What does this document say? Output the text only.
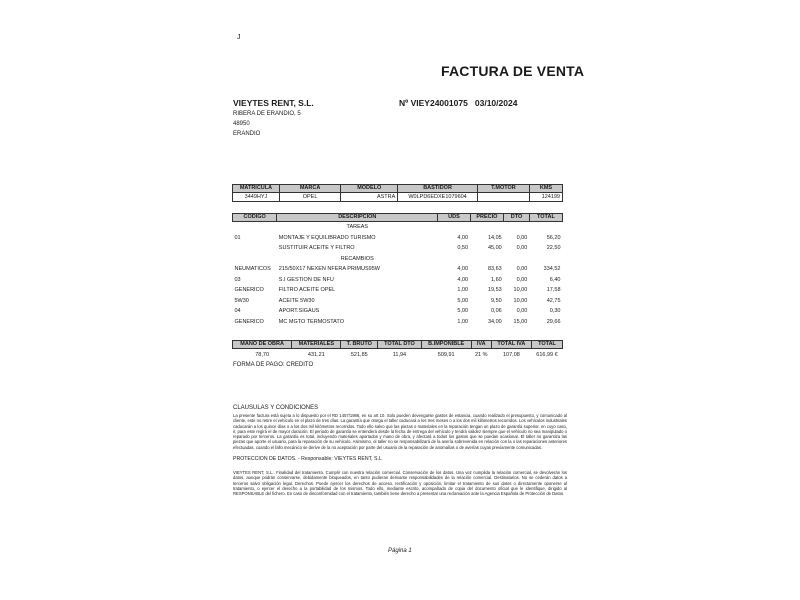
J
FACTURA DE VENTA
VIEYTES RENT, S.L.
RIBERA DE ERANDIO, 5
48950
ERANDIO
Nº VIEY24001075 03/10/2024
MATRICULA	MARCA	MODELO	BASTIDOR	T.MOTOR	KMS
3449HYJ	OPEL	ASTRA	W0LPD6EDXE1079604		124199
CODIGO	DESCRIPCION	UDS	PRECIO	DTO	TOTAL
	TAREAS				
01	MONTAJE Y EQUILIBRADO TURISMO	4,00	14,05	0,00	56,20
	SUSTITUIR ACEITE Y FILTRO	0,50	45,00	0,00	22,50
	RECAMBIOS				
NEUMATICOS	215/50X17 NEXEN NFERA PRIMUS95W	4,00	83,63	0,00	334,52
03	S.I GESTION DE NFU	4,00	1,60	0,00	6,40
GENERICO	FILTRO ACEITE OPEL	1,00	19,53	10,00	17,58
5W30	ACEITE 5W30	5,00	9,50	10,00	42,75
04	APORT.SIGAUS	5,00	0,06	0,00	0,30
GENERICO	MC MGTO TERMOSTATO	1,00	34,00	15,00	29,66
MANO DE OBRA	MATERIALES	T. BRUTO	TOTAL DTO	B.IMPONIBLE	IVA	TOTAL IVA	TOTAL
78,70	431,21	521,85	11,94	509,91	21 %	107,08	616,99 €
FORMA DE PAGO: CREDITO
CLAUSULAS Y CONDICIONES
La presente factura está sujeta a lo dispuesto por el RD 1457/1986, en su art 10. Solo pueden devengarse gastos de estancia, cuando realizado el presupuesto, y comunicado al cliente, este no retire el vehículo en el plazo de tres días. La garantía que otorga el taller caducará a los tres meses o a los dos mil kilómetros recorridos. Los vehículos industriales caducarán a los quince días o a los dos mil kilómetros recorridos. Todo ello salvo que las piezas o materiales en la reparación tengan un plazo de garantía superior, en cuyo caso, ir, para este regirá el de mayor duración. El periodo de garantía se entenderá desde la fecha de entrega del vehículo y tendrá validez siempre que el vehículo no sea manipulado o reparado por terceros. La garantía es total, incluyendo materiales aportados y mano de obra, y afectará a todos los gastos que se puedan ocasionar. El taller no garantiza las piezas que aporte el usuario, para la reparación de su vehículo. Asimismo, el taller no se responsabilizará de la avería sobrevenida en relación con la o las reparaciones anteriores efectuadas, cuando el fallo mecánico se derive de la no aceptación por parte del usuario de la reparación de anomalías o de averías cuyas previamente comunicadas.
PROTECCION DE DATOS. - Responsable: VIEYTES RENT, S.L
VIEYTES RENT, S.L.. Finalidad del tratamiento. Cumplir con nuestra relación comercial. Conservación de los datos. Una vez cumplida la relación comercial, se devolverán los datos, aunque podrán conservarse, debidamente bloqueados, en tanto pudieran derivarse responsabilidades de la relación comercial. Destinatarios. No se cederán datos a terceros salvo obligación legal. Derechos. Puede ejercer los derechos de acceso, rectificación y oposición, limitar el tratamiento de sus datos o directamente oponerse al tratamiento, o ejercer el derecho a la portabilidad de los mismos. Todo ello, mediante escrito, acompañado de copia del documento oficial que le identifique, dirigido al RESPONSABLE del fichero. En caso de disconformidad con el tratamiento, también tiene derecho a presentar una reclamación ante la Agencia Española de Protección de Datos.
Página 1
